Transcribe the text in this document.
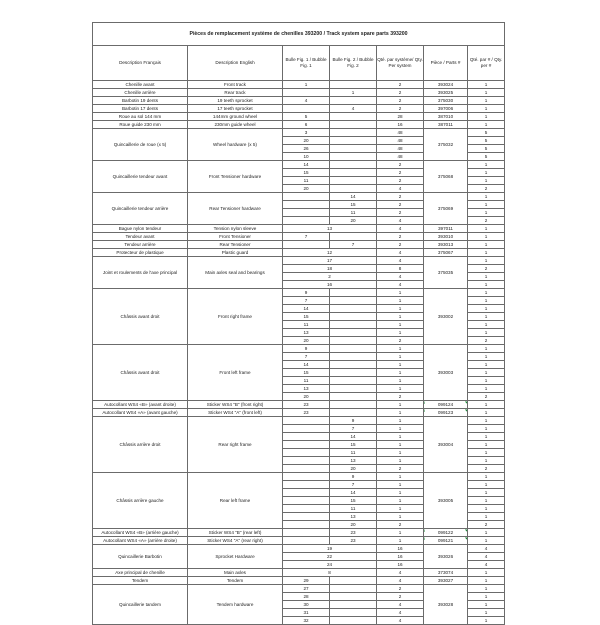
Pièces de remplacement système de chenilles 393200 / Track system spare parts 393200						
Description Français	Description English	Bulle Fig. 1 / Bubble Fig. 1	Bulle Fig. 2 / Bubble Fig. 2	Qté. par système/ Qty. Per system	Pièce / Parts #	Qté. par # / Qty. per #
Chenille avant	Front track	1		2	393024	1
Chenille arrière	Rear track		1	2	393025	1
Barbotin 19 dents	19 teeth sprocket	4		2	375030	1
Barbotin 17 dents	17 teeth sprocket		4	2	397006	1
Roue au sol 144 mm	144mm ground wheel	5		28	387010	1
Roue guide 230 mm	230mm guide wheel	6		16	387011	1
Quincaillerie de roue (x 5)	Wheel hardware (x 5)	3		48	375032	5
		20		48		5
		26		48		5
		10		48		5
Quincaillerie tendeur avant	Front Tensioner hardware	14		2	375068	1
		15		2		1
		11		2		1
		20		4		2
Quincaillerie tendeur arrière	Rear Tensioner hardware		14	2	375069	1
			15	2		1
			11	2		1
			20	4		2
Bague nylon tendeur	Tension nylon sleeve	13		4	397011	1
Tendeur avant	Front Tensioner	7		2	393010	1
Tendeur arrière	Rear Tensioner		7	2	393013	1
Protecteur de plastique	Plastic guard	12		4	375067	1
Joint et roulements de l'axe principal	Main axles seal and bearings	17		4	375035	1
		18		8		2
		2		4		1
		16		4		1
Châssis avant droit	Front right frame	9		1	393002	1
		7		1		1
		14		1		1
		15		1		1
		11		1		1
		13		1		1
		20		2		2
Châssis avant droit	Front left frame	9		1	393003	1
		7		1		1
		14		1		1
		15		1		1
		11		1		1
		13		1		1
		20		2		2
Autocollant WS4 «B» (avant droite)	Sticker WS4 "B" (front right)	23		1	099124	1
Autocollant WS4 «A» (avant gauche)	Sticker WS4 "A" (front left)	23		1	099123	1
Châssis arrière droit	Rear right frame		9	1	393004	1
			7	1		1
			14	1		1
			15	1		1
			11	1		1
			13	1		1
			20	2		2
Châssis arrière gauche	Rear left frame		9	1	393005	1
			7	1		1
			14	1		1
			15	1		1
			11	1		1
			13	1		1
			20	2		2
Autocollant WS4 «B» (arrière gauche)	Sticker WS4 "B" (rear left)		23	1	099122	1
Autocollant WS4 «A» (arrière droite)	Sticker WS4 "A" (rear right)		23	1	099121	1
Quincaillerie Barbotin	Sprocket Hardware	19		16	393026	4
		22		16		4
		24		16		4
Axe principal de chenille	Main axles	8		4	373074	1
Tendem	Tendem	29		4	393027	1
Quincaillerie tandem	Tendem hardware	27		2	393028	1
		28		2		1
		30		4		1
		31		4		1
		32		4		1
